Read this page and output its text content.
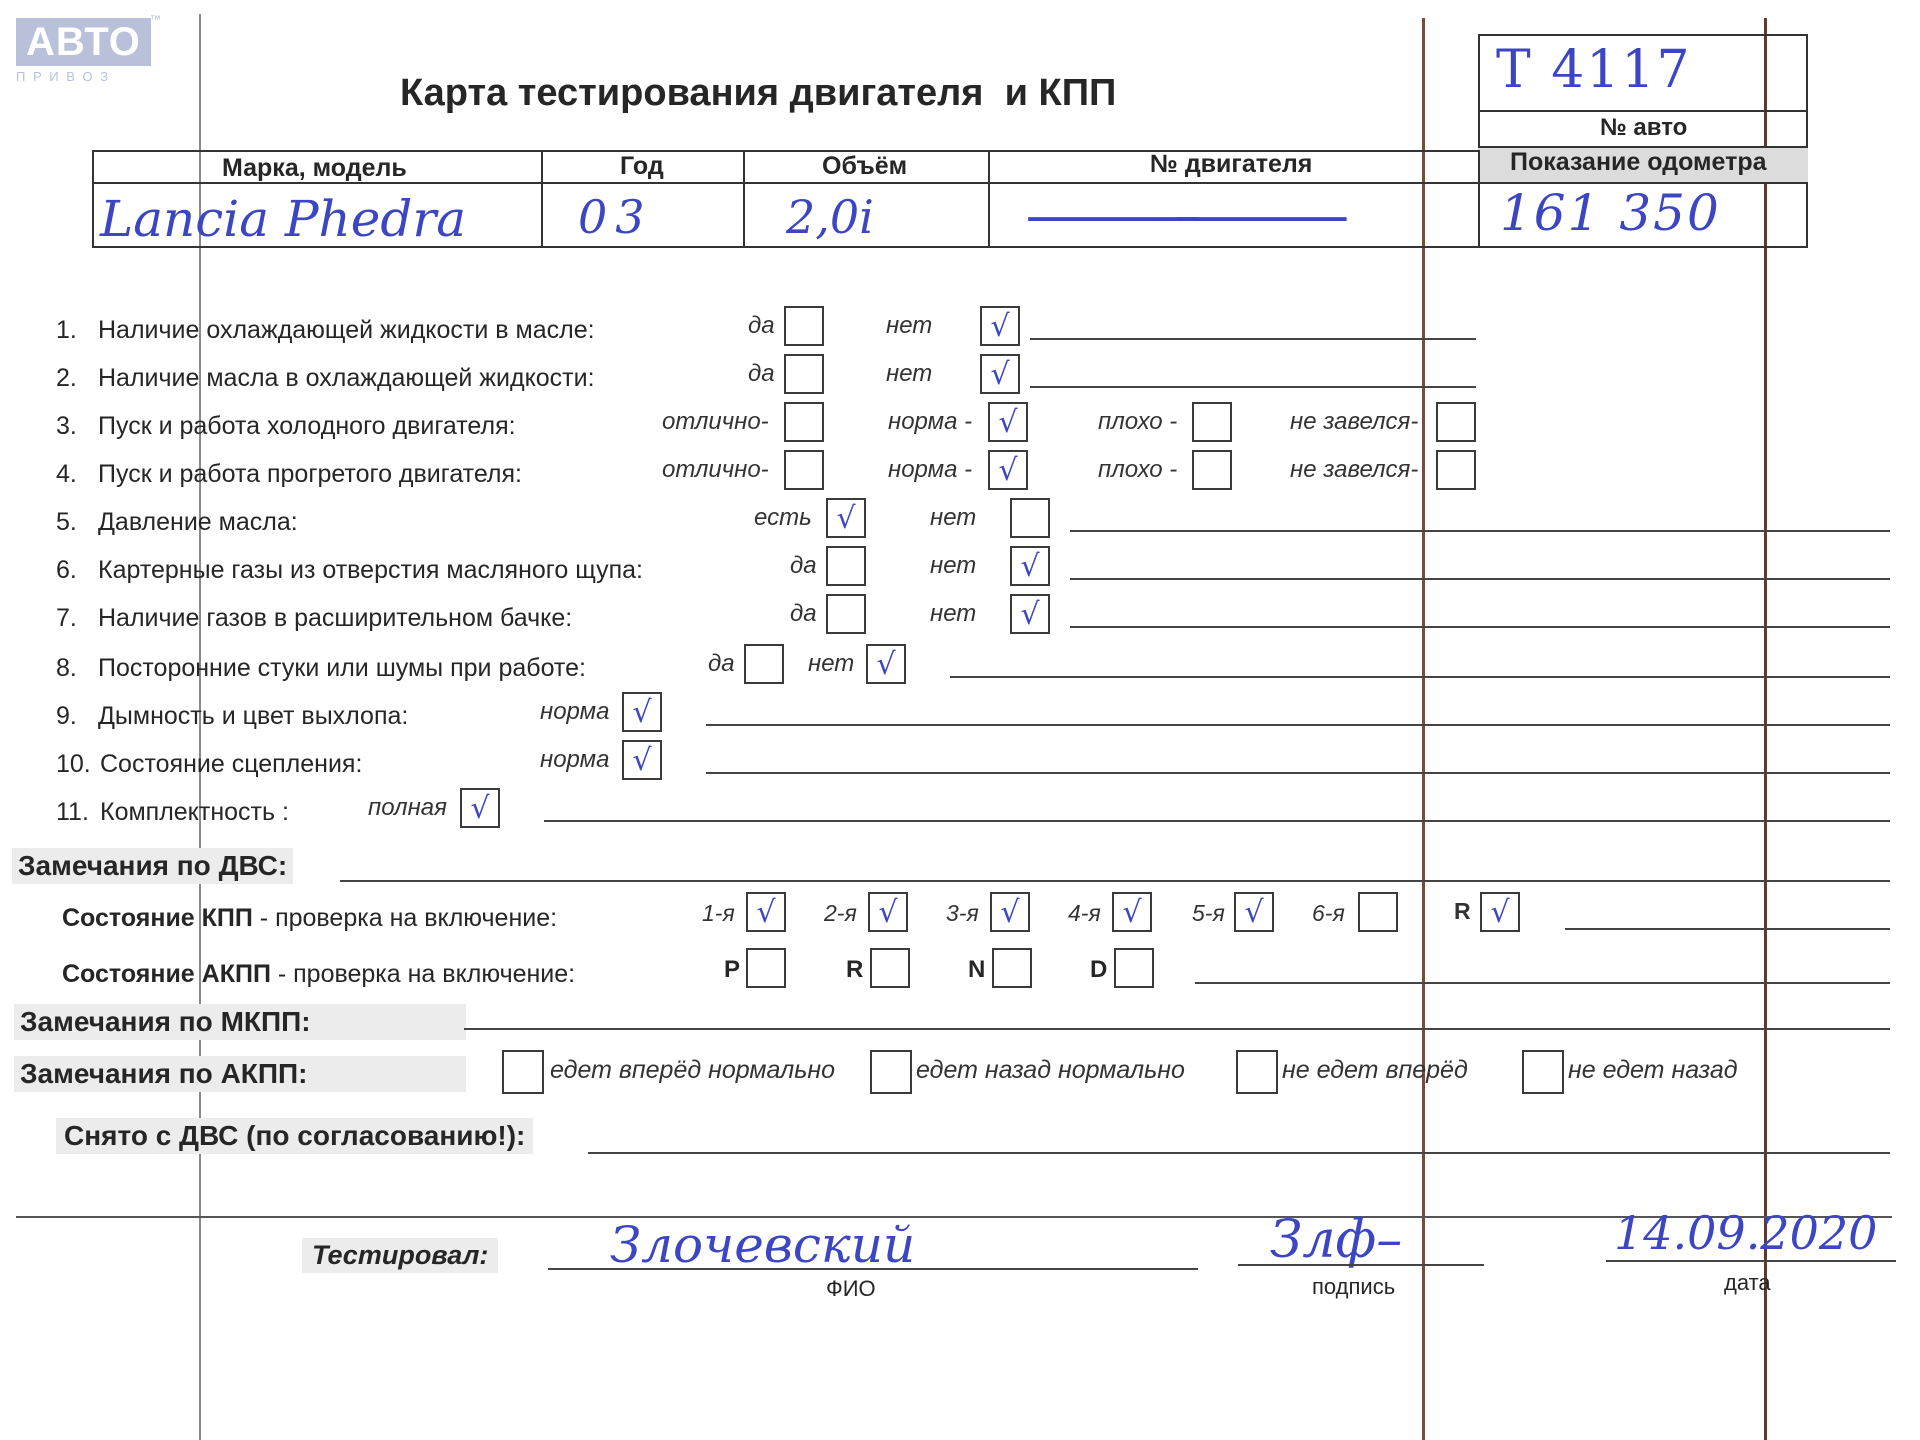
АВТО
П Р И В О З
™
Карта тестирования двигателя  и КПП	Т 4117
№ авто
Марка, модель	Год	Объём	№ двигателя	Показание одометра
Lancia Phedra 03	2,0i ——	161 350
1. Наличие охлаждающей жидкости в масле:	да	нет √
2. Наличие масла в охлаждающей жидкости:	да	нет √
3. Пуск и работа холодного двигателя:	отлично-	норма - √	плохо -	не завелся-
4. Пуск и работа прогретого двигателя:	отлично-	норма - √	плохо -	не завелся-
5. Давление масла:	есть √	нет
6. Картерные газы из отверстия масляного щупа:	да	нет √
7. Наличие газов в расширительном бачке:	да	нет √
8. Посторонние стуки или шумы при работе:	да	нет √
9. Дымность и цвет выхлопа:	норма √
10. Состояние сцепления:	норма √
11. Комплектность :	полная √
Замечания по ДВС:
Состояние КПП - проверка на включение:	1-я √	2-я √	3-я √	4-я √	5-я √	6-я	R √
Состояние АКПП - проверка на включение:	P	R	N	D
Замечания по МКПП:
Замечания по АКПП:	едет вперёд нормально	едет назад нормально	не едет вперёд	не едет назад
Снято с ДВС (по согласованию!):
Тестировал: Злочевский
ФИО
Злф–
подпись
14.09.2020
дата
